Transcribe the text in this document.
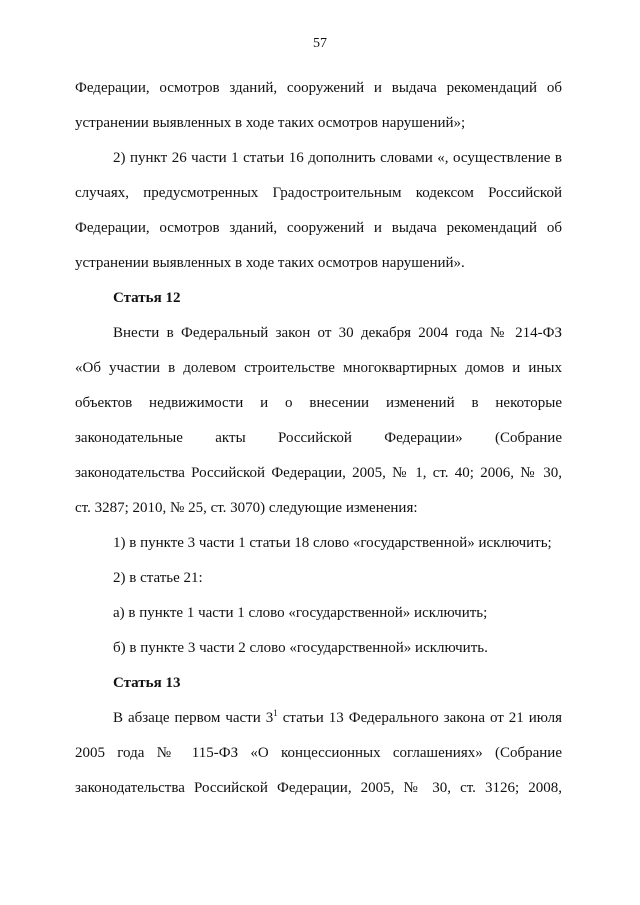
57
Федерации, осмотров зданий, сооружений и выдача рекомендаций об
устранении выявленных в ходе таких осмотров нарушений»;
2) пункт 26 части 1 статьи 16 дополнить словами «, осуществление в
случаях, предусмотренных Градостроительным кодексом Российской
Федерации, осмотров зданий, сооружений и выдача рекомендаций об
устранении выявленных в ходе таких осмотров нарушений».
Статья 12
Внести в Федеральный закон от 30 декабря 2004 года № 214-ФЗ
«Об участии в долевом строительстве многоквартирных домов и иных
объектов недвижимости и о внесении изменений в некоторые
законодательные акты Российской Федерации» (Собрание
законодательства Российской Федерации, 2005, № 1, ст. 40; 2006, № 30,
ст. 3287; 2010, № 25, ст. 3070) следующие изменения:
1) в пункте 3 части 1 статьи 18 слово «государственной» исключить;
2) в статье 21:
а) в пункте 1 части 1 слово «государственной» исключить;
б) в пункте 3 части 2 слово «государственной» исключить.
Статья 13
В абзаце первом части $3^1$ статьи 13 Федерального закона от 21 июля
2005 года № 115-ФЗ «О концессионных соглашениях» (Собрание
законодательства Российской Федерации, 2005, № 30, ст. 3126; 2008,
